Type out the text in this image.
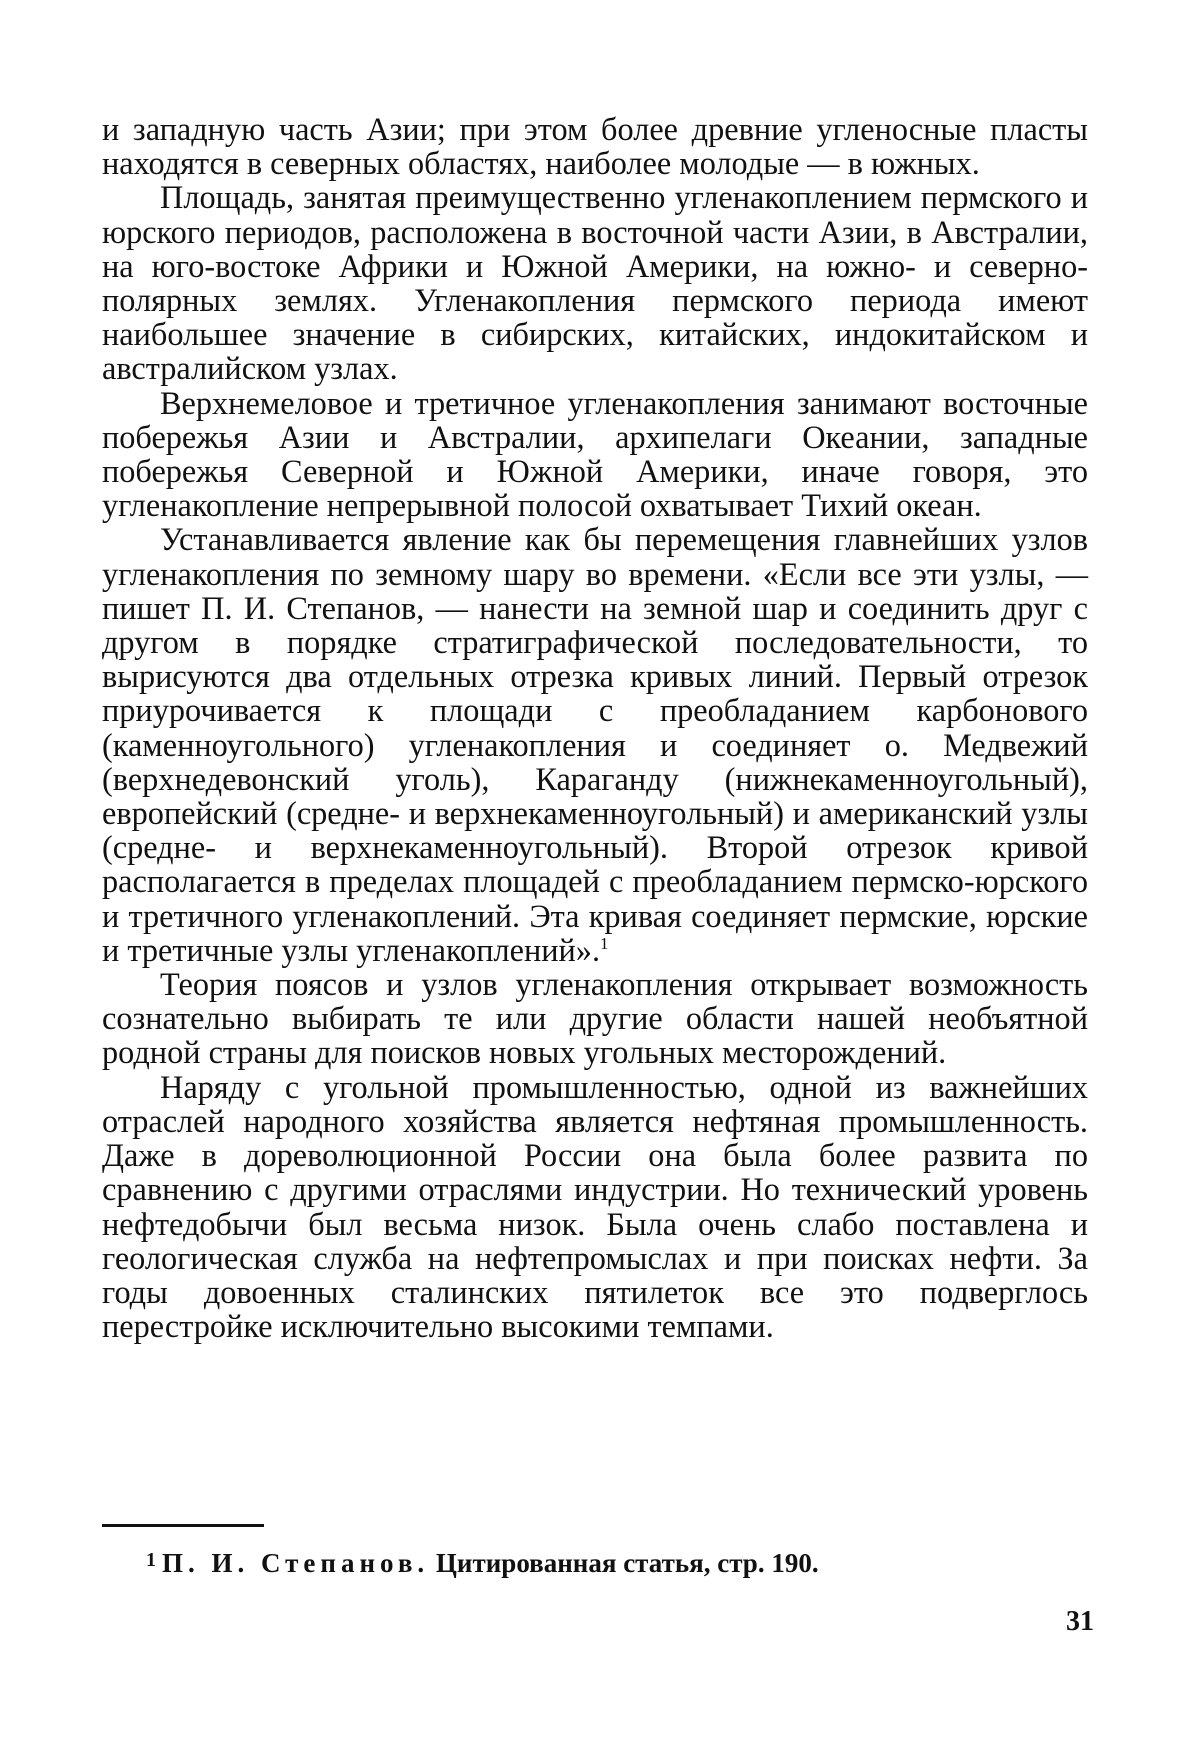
и западную часть Азии; при этом более древние угленосные пласты находятся в северных областях, наиболее молодые — в южных.

Площадь, занятая преимущественно угленакоплением пермского и юрского периодов, расположена в восточной части Азии, в Австралии, на юго-востоке Африки и Южной Америки, на южно- и северно-полярных землях. Угленакопления пермского периода имеют наибольшее значение в сибирских, китайских, индокитайском и австралийском узлах.

Верхнемеловое и третичное угленакопления занимают восточные побережья Азии и Австралии, архипелаги Океании, западные побережья Северной и Южной Америки, иначе говоря, это угленакопление непрерывной полосой охватывает Тихий океан.

Устанавливается явление как бы перемещения главнейших узлов угленакопления по земному шару во времени. «Если все эти узлы, — пишет П. И. Степанов, — нанести на земной шар и соединить друг с другом в порядке стратиграфической последовательности, то вырисуются два отдельных отрезка кривых линий. Первый отрезок приурочивается к площади с преобладанием карбонового (каменноугольного) угленакопления и соединяет о. Медвежий (верхнедевонский уголь), Караганду (нижнекаменноугольный), европейский (средне- и верхнекаменноугольный) и американский узлы (средне- и верхнекаменноугольный). Второй отрезок кривой располагается в пределах площадей с преобладанием пермско-юрского и третичного угленакоплений. Эта кривая соединяет пермские, юрские и третичные узлы угленакоплений».$^1$

Теория поясов и узлов угленакопления открывает возможность сознательно выбирать те или другие области нашей необъятной родной страны для поисков новых угольных месторождений.

Наряду с угольной промышленностью, одной из важнейших отраслей народного хозяйства является нефтяная промышленность. Даже в дореволюционной России она была более развита по сравнению с другими отраслями индустрии. Но технический уровень нефтедобычи был весьма низок. Была очень слабо поставлена и геологическая служба на нефтепромыслах и при поисках нефти. За годы довоенных сталинских пятилеток все это подверглось перестройке исключительно высокими темпами.

$^1$ П. И. Степанов. Цитированная статья, стр. 190.
31
